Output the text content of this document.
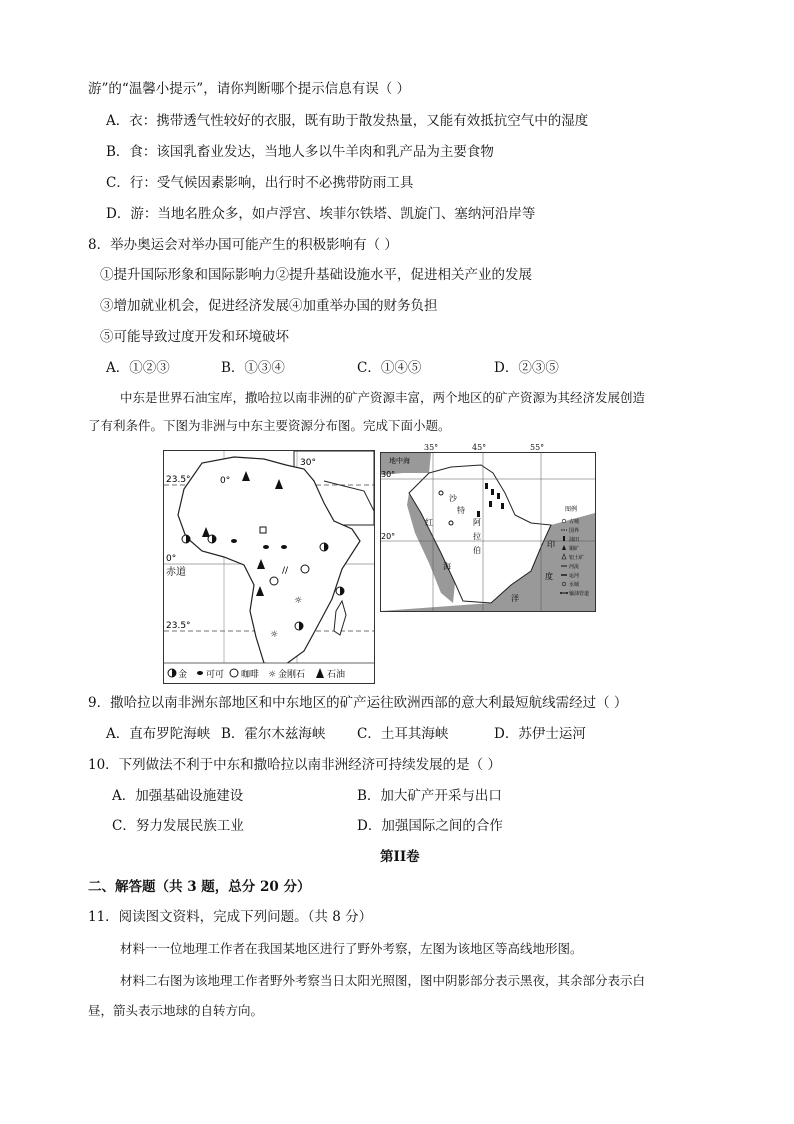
游”的“温馨小提示”，请你判断哪个提示信息有误（ ）
A．衣：携带透气性较好的衣服，既有助于散发热量，又能有效抵抗空气中的湿度
B．食：该国乳畜业发达，当地人多以牛羊肉和乳产品为主要食物
C．行：受气候因素影响，出行时不必携带防雨工具
D．游：当地名胜众多，如卢浮宫、埃菲尔铁塔、凯旋门、塞纳河沿岸等
8．举办奥运会对举办国可能产生的积极影响有（ ）
①提升国际形象和国际影响力②提升基础设施水平，促进相关产业的发展
③增加就业机会，促进经济发展④加重举办国的财务负担
⑤可能导致过度开发和环境破坏
A．①②③	B．①③④	C．①④⑤	D．②③⑤
中东是世界石油宝库，撒哈拉以南非洲的矿产资源丰富，两个地区的矿产资源为其经济发展创造
了有利条件。下图为非洲与中东主要资源分布图。完成下面小题。
23.5°
0°
23.5°
0°
30°
赤道	//
☼
☼
金 可可 咖啡 ☼ 金刚石 石油
地中海
30°
20°
红
海
阿
拉
伯
沙
特
印
度
洋
图例
古城
国界
油田
铜矿
铝土矿
河流
运河
水城
输油管道
35°	45°	55°
9．撒哈拉以南非洲东部地区和中东地区的矿产运往欧洲西部的意大利最短航线需经过（ ）
A．直布罗陀海峡 B．霍尔木兹海峡 C．土耳其海峡	D．苏伊士运河
10．下列做法不利于中东和撒哈拉以南非洲经济可持续发展的是（ ）
A．加强基础设施建设	B．加大矿产开采与出口
C．努力发展民族工业	D．加强国际之间的合作
第II卷
二、解答题（共 3 题，总分 20 分）
11．阅读图文资料，完成下列问题。（共 8 分）
材料一一位地理工作者在我国某地区进行了野外考察，左图为该地区等高线地形图。
材料二右图为该地理工作者野外考察当日太阳光照图，图中阴影部分表示黑夜，其余部分表示白
昼，箭头表示地球的自转方向。
